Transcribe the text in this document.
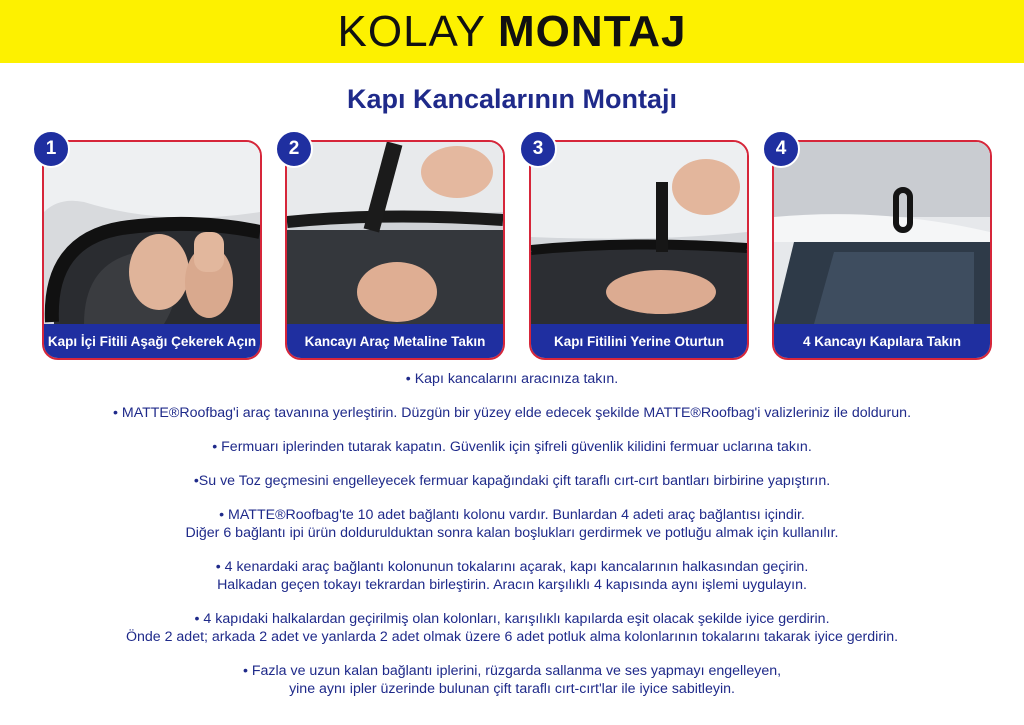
KOLAY MONTAJ
Kapı Kancalarının Montajı
1
Kapı İçi Fitili Aşağı Çekerek Açın
2
Kancayı Araç Metaline Takın
3
Kapı Fitilini Yerine Oturtun
4
4 Kancayı Kapılara Takın

• Kapı kancalarını aracınıza takın.

• MATTE®Roofbag'i araç tavanına yerleştirin. Düzgün bir yüzey elde edecek şekilde MATTE®Roofbag'i valizleriniz ile doldurun.

• Fermuarı iplerinden tutarak kapatın. Güvenlik için şifreli güvenlik kilidini fermuar uclarına takın.

•Su ve Toz geçmesini engelleyecek fermuar kapağındaki çift taraflı cırt-cırt bantları birbirine yapıştırın.

• MATTE®Roofbag'te 10 adet bağlantı kolonu vardır. Bunlardan 4 adeti araç bağlantısı içindir.

Diğer 6 bağlantı ipi ürün doldurulduktan sonra kalan boşlukları gerdirmek ve potluğu almak için kullanılır.

• 4 kenardaki araç bağlantı kolonunun tokalarını açarak, kapı kancalarının halkasından geçirin.

Halkadan geçen tokayı tekrardan birleştirin. Aracın karşılıklı 4 kapısında aynı işlemi uygulayın.

• 4 kapıdaki halkalardan geçirilmiş olan kolonları, karışılıklı kapılarda eşit olacak şekilde iyice gerdirin.

Önde 2 adet; arkada 2 adet ve yanlarda 2 adet olmak üzere 6 adet potluk alma kolonlarının tokalarını takarak iyice gerdirin.

• Fazla ve uzun kalan bağlantı iplerini, rüzgarda sallanma ve ses yapmayı engelleyen,

yine aynı ipler üzerinde bulunan çift taraflı cırt-cırt'lar ile iyice sabitleyin.
